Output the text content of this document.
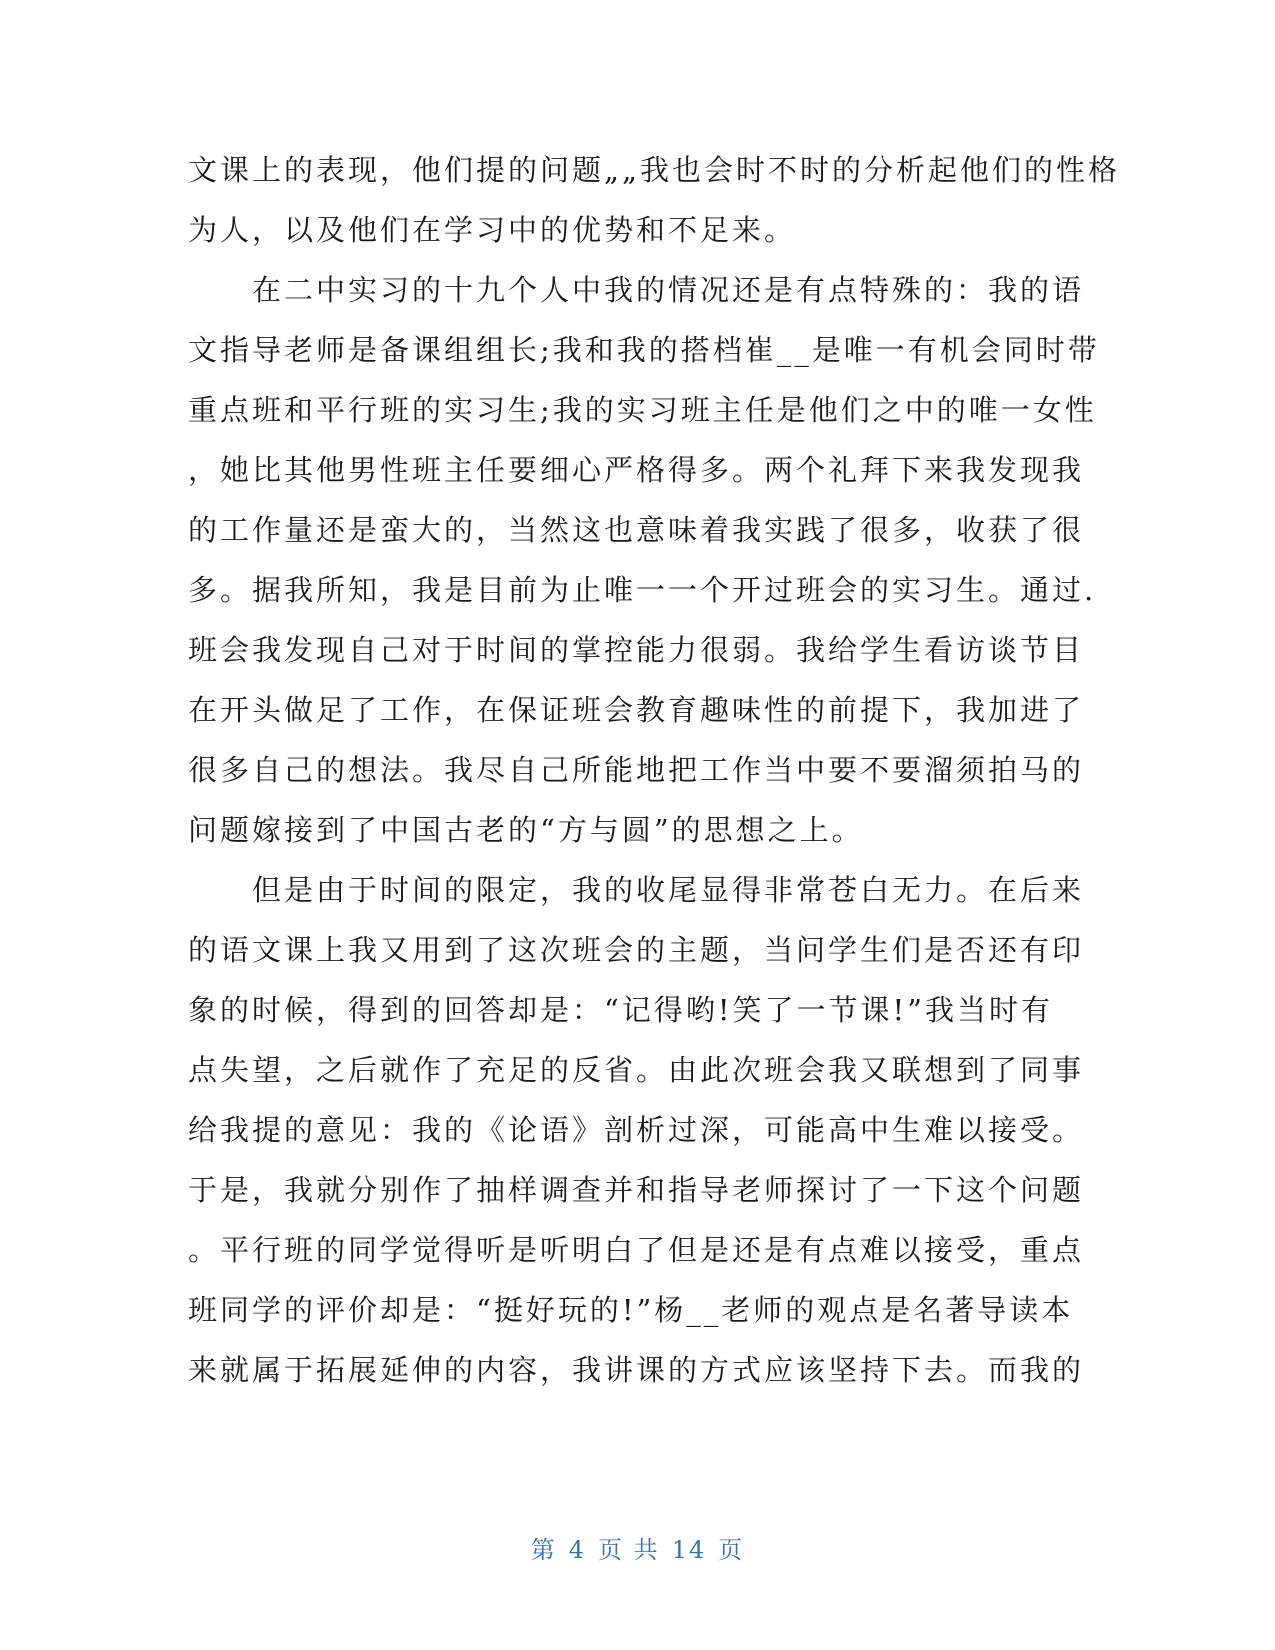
文课上的表现，他们提的问题„„我也会时不时的分析起他们的性格
为人，以及他们在学习中的优势和不足来。
　　在二中实习的十九个人中我的情况还是有点特殊的：我的语
文指导老师是备课组组长;我和我的搭档崔__是唯一有机会同时带
重点班和平行班的实习生;我的实习班主任是他们之中的唯一女性
，她比其他男性班主任要细心严格得多。两个礼拜下来我发现我
的工作量还是蛮大的，当然这也意味着我实践了很多，收获了很
多。据我所知，我是目前为止唯一一个开过班会的实习生。通过.
班会我发现自己对于时间的掌控能力很弱。我给学生看访谈节目
在开头做足了工作，在保证班会教育趣味性的前提下，我加进了
很多自己的想法。我尽自己所能地把工作当中要不要溜须拍马的
问题嫁接到了中国古老的“方与圆”的思想之上。
　　但是由于时间的限定，我的收尾显得非常苍白无力。在后来
的语文课上我又用到了这次班会的主题，当问学生们是否还有印
象的时候，得到的回答却是：“记得哟!笑了一节课!”我当时有
点失望，之后就作了充足的反省。由此次班会我又联想到了同事
给我提的意见：我的《论语》剖析过深，可能高中生难以接受。
于是，我就分别作了抽样调查并和指导老师探讨了一下这个问题
。平行班的同学觉得听是听明白了但是还是有点难以接受，重点
班同学的评价却是：“挺好玩的!”杨__老师的观点是名著导读本
来就属于拓展延伸的内容，我讲课的方式应该坚持下去。而我的
第 4 页 共 14 页
